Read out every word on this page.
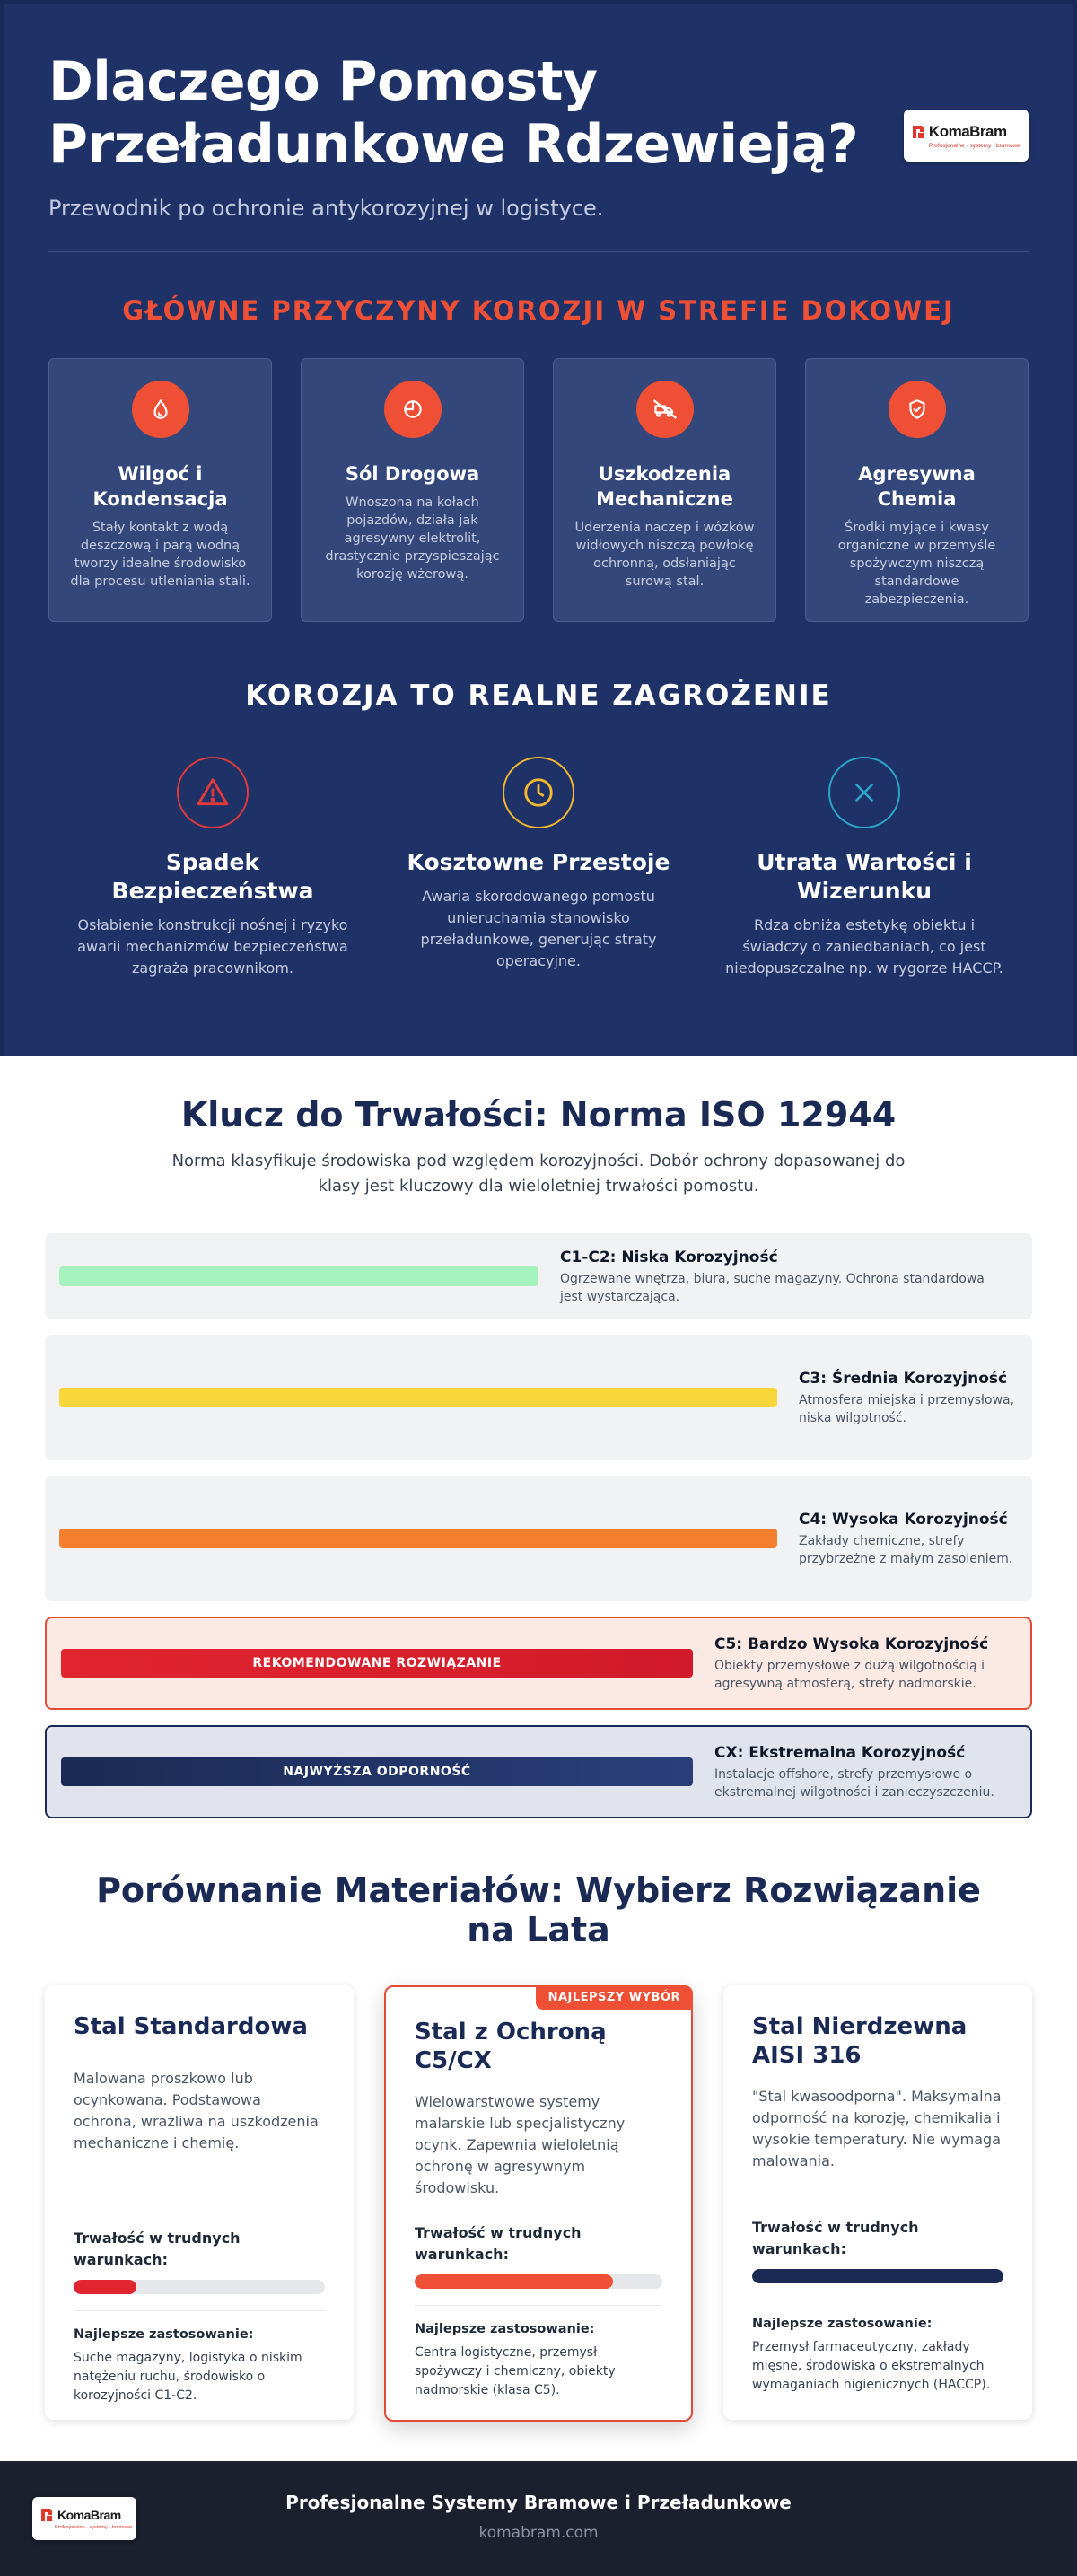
Dlaczego Pomosty
Przeładunkowe Rdzewieją?	KomaBram
Profesjonalne · systemy · bramowe

Przewodnik po ochronie antykorozyjnej w logistyce.

GŁÓWNE PRZYCZYNY KOROZJI W STREFIE DOKOWEJ
Wilgoć i Kondensacja
Stały kontakt z wodą deszczową i parą wodną tworzy idealne środowisko dla procesu utleniania stali.
Sól Drogowa
Wnoszona na kołach pojazdów, działa jak agresywny elektrolit, drastycznie przyspieszając korozję wżerową.
Uszkodzenia Mechaniczne
Uderzenia naczep i wózków widłowych niszczą powłokę ochronną, odsłaniając surową stal.
Agresywna Chemia
Środki myjące i kwasy organiczne w przemyśle spożywczym niszczą standardowe zabezpieczenia.
KOROZJA TO REALNE ZAGROŻENIE
Spadek Bezpieczeństwa
Osłabienie konstrukcji nośnej i ryzyko awarii mechanizmów bezpieczeństwa zagraża pracownikom.
Kosztowne Przestoje
Awaria skorodowanego pomostu unieruchamia stanowisko przeładunkowe, generując straty operacyjne.
Utrata Wartości i Wizerunku
Rdza obniża estetykę obiektu i świadczy o zaniedbaniach, co jest niedopuszczalne np. w rygorze HACCP.
Klucz do Trwałości: Norma ISO 12944

Norma klasyfikuje środowiska pod względem korozyjności. Dobór ochrony dopasowanej do klasy jest kluczowy dla wieloletniej trwałości pomostu.

C1-C2: Niska Korozyjność
Ogrzewane wnętrza, biura, suche magazyny. Ochrona standardowa jest wystarczająca.
C3: Średnia Korozyjność
Atmosfera miejska i przemysłowa, niska wilgotność.
C4: Wysoka Korozyjność
Zakłady chemiczne, strefy przybrzeżne z małym zasoleniem.
REKOMENDOWANE ROZWIĄZANIE
C5: Bardzo Wysoka Korozyjność
Obiekty przemysłowe z dużą wilgotnością i agresywną atmosferą, strefy nadmorskie.
NAJWYŻSZA ODPORNOŚĆ
CX: Ekstremalna Korozyjność
Instalacje offshore, strefy przemysłowe o ekstremalnej wilgotności i zanieczyszczeniu.
Porównanie Materiałów: Wybierz Rozwiązanie na Lata
Stal Standardowa
Malowana proszkowo lub ocynkowana. Podstawowa ochrona, wrażliwa na uszkodzenia mechaniczne i chemię.
Trwałość w trudnych warunkach:
Najlepsze zastosowanie:
Suche magazyny, logistyka o niskim natężeniu ruchu, środowisko o korozyjności C1-C2.
NAJLEPSZY WYBÓR
Stal z Ochroną C5/CX
Wielowarstwowe systemy malarskie lub specjalistyczny ocynk. Zapewnia wieloletnią ochronę w agresywnym środowisku.
Trwałość w trudnych warunkach:
Najlepsze zastosowanie:
Centra logistyczne, przemysł spożywczy i chemiczny, obiekty nadmorskie (klasa C5).
Stal Nierdzewna AISI 316
"Stal kwasoodporna". Maksymalna odporność na korozję, chemikalia i wysokie temperatury. Nie wymaga malowania.
Trwałość w trudnych warunkach:
Najlepsze zastosowanie:
Przemysł farmaceutyczny, zakłady mięsne, środowiska o ekstremalnych wymaganiach higienicznych (HACCP).
KomaBram
Profesjonalne · systemy · bramowe
Profesjonalne Systemy Bramowe i Przeładunkowe
komabram.com
